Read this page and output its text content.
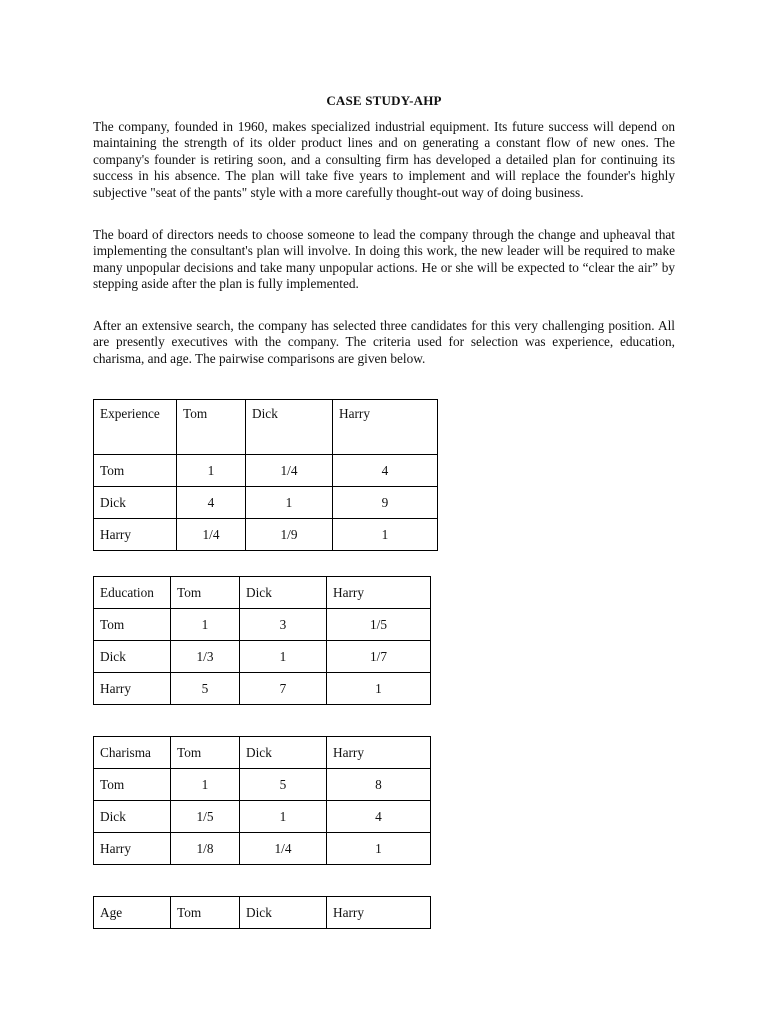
CASE STUDY-AHP

The company, founded in 1960, makes specialized industrial equipment. Its future success will depend on maintaining the strength of its older product lines and on generating a constant flow of new ones. The company's founder is retiring soon, and a consulting firm has developed a detailed plan for continuing its success in his absence. The plan will take five years to implement and will replace the founder's highly subjective "seat of the pants" style with a more carefully thought-out way of doing business.

The board of directors needs to choose someone to lead the company through the change and upheaval that implementing the consultant's plan will involve. In doing this work, the new leader will be required to make many unpopular decisions and take many unpopular actions. He or she will be expected to “clear the air” by stepping aside after the plan is fully implemented.

After an extensive search, the company has selected three candidates for this very challenging position. All are presently executives with the company. The criteria used for selection was experience, education, charisma, and age. The pairwise comparisons are given below.

Experience	Tom	Dick	Harry
Tom	1	1/4	4
Dick	4	1	9
Harry	1/4	1/9	1
Education	Tom	Dick	Harry
Tom	1	3	1/5
Dick	1/3	1	1/7
Harry	5	7	1
Charisma	Tom	Dick	Harry
Tom	1	5	8
Dick	1/5	1	4
Harry	1/8	1/4	1
Age	Tom	Dick	Harry
